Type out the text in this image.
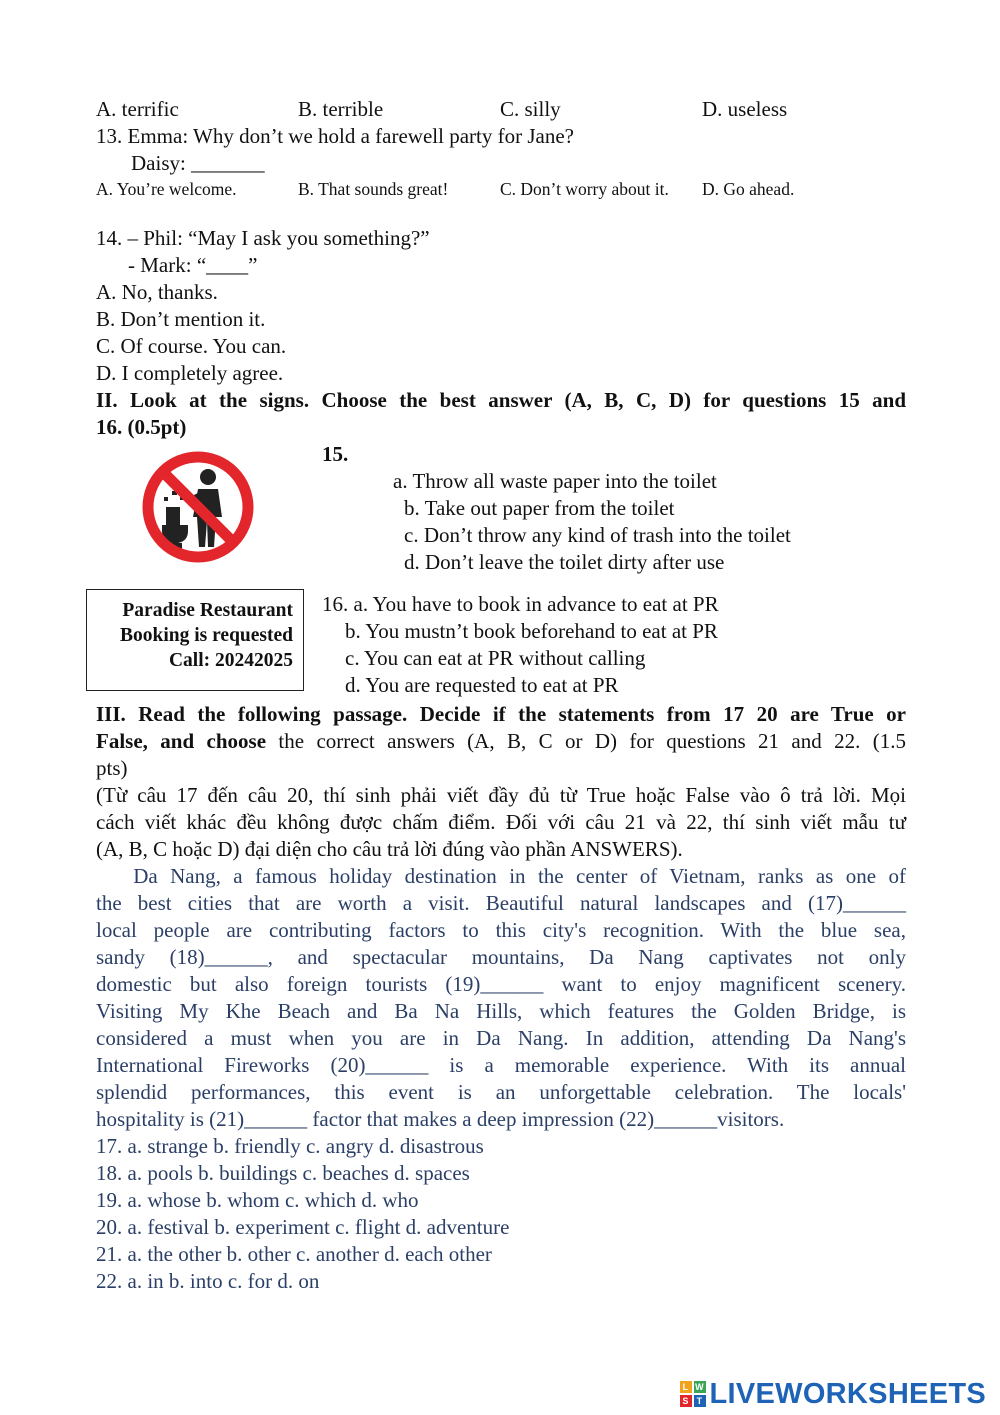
A. terrific	B. terrible	C. silly	D. useless
13. Emma: Why don’t we hold a farewell party for Jane?
Daisy: _______
A. You’re welcome.	B. That sounds great!	C. Don’t worry about it.	D. Go ahead.
14. – Phil: “May I ask you something?”
- Mark: “____”
A. No, thanks.
B. Don’t mention it.
C. Of course. You can.
D. I completely agree.
II. Look at the signs. Choose the best answer (A, B, C, D) for questions 15 and
16. (0.5pt)
15.
a. Throw all waste paper into the toilet
b. Take out paper from the toilet
c. Don’t throw any kind of trash into the toilet
d. Don’t leave the toilet dirty after use
Paradise Restaurant
Booking is requested
Call: 20242025
16. a. You have to book in advance to eat at PR
b. You mustn’t book beforehand to eat at PR
c. You can eat at PR without calling
d. You are requested to eat at PR
III. Read the following passage. Decide if the statements from 17 20 are True or
False, and choose the correct answers (A, B, C or D) for questions 21 and 22. (1.5
pts)
(Từ câu 17 đến câu 20, thí sinh phải viết đầy đủ từ True hoặc False vào ô trả lời. Mọi
cách viết khác đều không được chấm điểm. Đối với câu 21 và 22, thí sinh viết mẫu tư
(A, B, C hoặc D) đại diện cho câu trả lời đúng vào phần ANSWERS).
Da Nang, a famous holiday destination in the center of Vietnam, ranks as one of
the best cities that are worth a visit. Beautiful natural landscapes and (17)______
local people are contributing factors to this city's recognition. With the blue sea,
sandy (18)______, and spectacular mountains, Da Nang captivates not only
domestic but also foreign tourists (19)______ want to enjoy magnificent scenery.
Visiting My Khe Beach and Ba Na Hills, which features the Golden Bridge, is
considered a must when you are in Da Nang. In addition, attending Da Nang's
International Fireworks (20)______ is a memorable experience. With its annual
splendid performances, this event is an unforgettable celebration. The locals'
hospitality is (21)______ factor that makes a deep impression (22)______visitors.
17. a. strange b. friendly c. angry d. disastrous
18. a. pools b. buildings c. beaches d. spaces
19. a. whose b. whom c. which d. who
20. a. festival b. experiment c. flight d. adventure
21. a. the other b. other c. another d. each other
22. a. in b. into c. for d. on
L W
S T LIVEWORKSHEETS
